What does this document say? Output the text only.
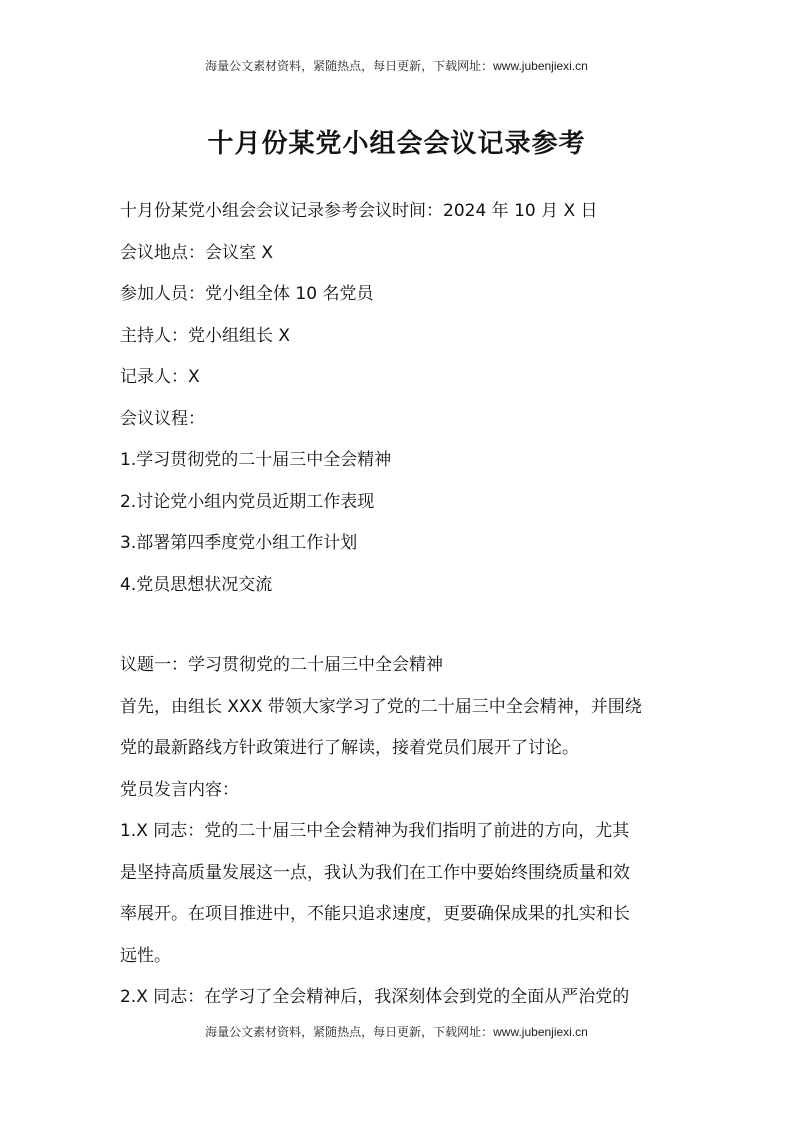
海量公文素材资料，紧随热点，每日更新，下载网址：www.jubenjiexi.cn
十月份某党小组会会议记录参考

十月份某党小组会会议记录参考会议时间：2024 年 10 月 X 日

会议地点：会议室 X

参加人员：党小组全体 10 名党员

主持人：党小组组长 X

记录人：X

会议议程：

1.学习贯彻党的二十届三中全会精神

2.讨论党小组内党员近期工作表现

3.部署第四季度党小组工作计划

4.党员思想状况交流

议题一：学习贯彻党的二十届三中全会精神

首先，由组长 XXX 带领大家学习了党的二十届三中全会精神，并围绕

党的最新路线方针政策进行了解读，接着党员们展开了讨论。

党员发言内容：

1.X 同志：党的二十届三中全会精神为我们指明了前进的方向，尤其

是坚持高质量发展这一点，我认为我们在工作中要始终围绕质量和效

率展开。在项目推进中，不能只追求速度，更要确保成果的扎实和长

远性。

2.X 同志：在学习了全会精神后，我深刻体会到党的全面从严治党的

海量公文素材资料，紧随热点，每日更新，下载网址：www.jubenjiexi.cn
